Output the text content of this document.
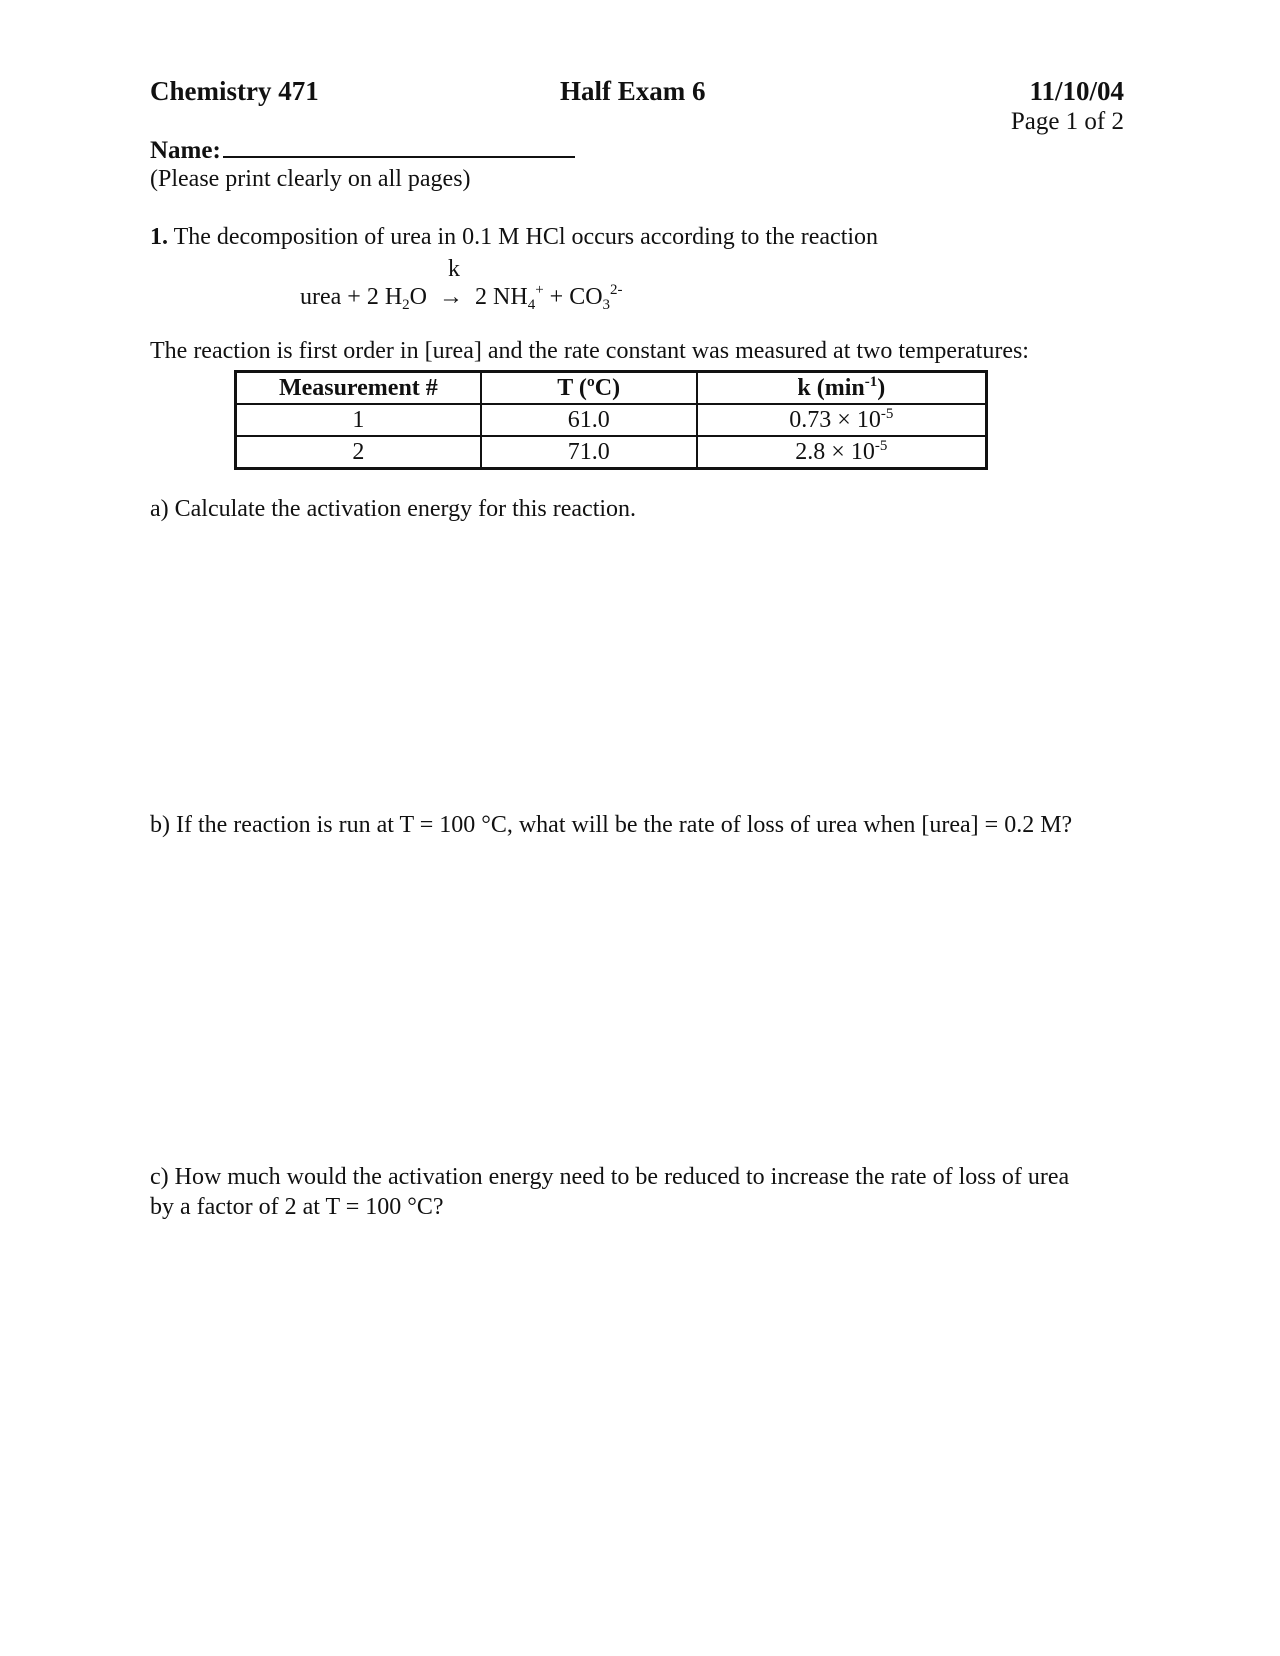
Chemistry 471	Half Exam 6	11/10/04
Page 1 of 2
Name:
(Please print clearly on all pages)
1. The decomposition of urea in 0.1 M HCl occurs according to the reaction
k
urea + 2 $H_2O \to 2$ $NH_4^+ + CO_3^{2-}$
The reaction is first order in [urea] and the rate constant was measured at two temperatures:
Measurement #	T (ºC)	k $(\min^{-1})$
1	61.0	$0.73 \times 10^{-5}$
2	71.0	$2.8 \times 10^{-5}$
a) Calculate the activation energy for this reaction.
b) If the reaction is run at T = 100 °C, what will be the rate of loss of urea when [urea] = 0.2 M?
c) How much would the activation energy need to be reduced to increase the rate of loss of urea
by a factor of 2 at T = 100 °C?
